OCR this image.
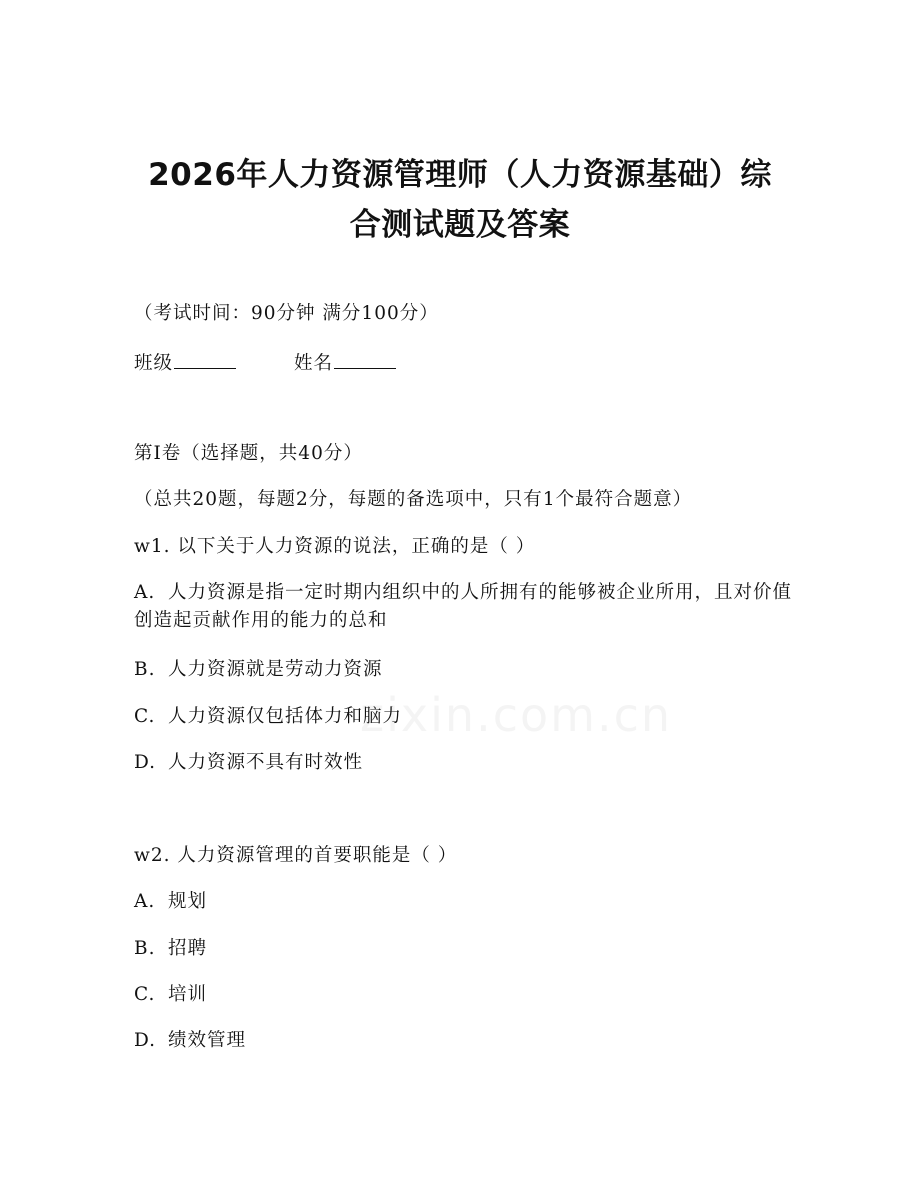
2026年人力资源管理师（人力资源基础）综
合测试题及答案
（考试时间：90分钟 满分100分）
班级	姓名
第I卷（选择题，共40分）
（总共20题，每题2分，每题的备选项中，只有1个最符合题意）
w1. 以下关于人力资源的说法，正确的是（ ）
A. 人力资源是指一定时期内组织中的人所拥有的能够被企业所用，且对价值创造起贡献作用的能力的总和
B. 人力资源就是劳动力资源
C. 人力资源仅包括体力和脑力
D. 人力资源不具有时效性
w2. 人力资源管理的首要职能是（ ）
A. 规划
B. 招聘
C. 培训
D. 绩效管理
zixin.com.cn
